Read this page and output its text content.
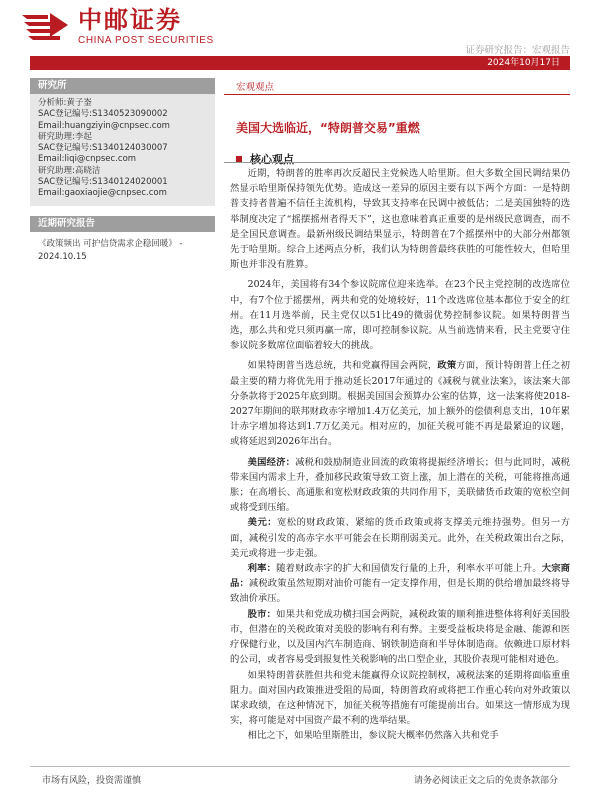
中邮证券
CHINA POST SECURITIES
证券研究报告：宏观报告
2024年10月17日
研究所
分析师:黄子崟
SAC登记编号:S1340523090002
Email:huangziyin@cnpsec.com
研究助理:李起
SAC登记编号:S1340124030007
Email:liqi@cnpsec.com
研究助理:高晓洁
SAC登记编号:S1340124020001
Email:gaoxiaojie@cnpsec.com
近期研究报告
《政策频出 可护信贷需求企稳回暖》 - 2024.10.15
宏观观点
美国大选临近，“特朗普交易”重燃
核心观点

近期，特朗普的胜率再次反超民主党候选人哈里斯。但大多数全国民调结果仍然显示哈里斯保持领先优势。造成这一差异的原因主要有以下两个方面：一是特朗普支持者普遍不信任主流机构，导致其支持率在民调中被低估；二是美国独特的选举制度决定了“摇摆摇州者得天下”，这也意味着真正重要的是州级民意调查，而不是全国民意调查。最新州级民调结果显示，特朗普在7个摇摆州中的大部分州都领先于哈里斯。综合上述两点分析，我们认为特朗普最终获胜的可能性较大，但哈里斯也并非没有胜算。

2024年，美国将有34个参议院席位迎来选举。在23个民主党控制的改选席位中，有7个位于摇摆州，两共和党的处境较好，11个改选席位基本都位于安全的红州。在11月选举前，民主党仅以51比49的微弱优势控制参议院。如果特朗普当选，那么共和党只须再赢一席，即可控制参议院。从当前选情来看，民主党要守住参议院多数席位面临着较大的挑战。

如果特朗普当选总统，共和党赢得国会两院，政策方面，预计特朗普上任之初最主要的精力将优先用于推动延长2017年通过的《减税与就业法案》，该法案大部分条款将于2025年底到期。根据美国国会预算办公室的估算，这一法案将使2018-2027年期间的联邦财政赤字增加1.4万亿美元，加上额外的偿债利息支出，10年累计赤字增加将达到1.7万亿美元。相对应的，加征关税可能不再是最紧迫的议题，或将延迟到2026年出台。

美国经济：减税和鼓励制造业回流的政策将提振经济增长；但与此同时，减税带来国内需求上升，叠加移民政策导致工资上涨，加上潜在的关税，可能将推高通胀；在高增长、高通胀和宽松财政政策的共同作用下，美联储货币政策的宽松空间或将受到压缩。

美元：宽松的财政政策、紧缩的货币政策或将支撑美元维持强势。但另一方面，减税引发的高赤字水平可能会在长期削弱美元。此外，在关税政策出台之际，美元或将进一步走强。

利率：随着财政赤字的扩大和国债发行量的上升，利率水平可能上升。大宗商品：减税政策虽然短期对油价可能有一定支撑作用，但是长期的供给增加最终将导致油价承压。

股市：如果共和党成功横扫国会两院，减税政策的顺利推进整体将利好美国股市，但潜在的关税政策对美股的影响有利有弊。主要受益板块将是金融、能源和医疗保健行业，以及国内汽车制造商、钢铁制造商和半导体制造商。依赖进口原材料的公司，或者容易受到报复性关税影响的出口型企业，其股价表现可能相对逊色。

如果特朗普获胜但共和党未能赢得众议院控制权，减税法案的延期将面临重重阻力。面对国内政策推进受阻的局面，特朗普政府或将把工作重心转向对外政策以谋求政绩，在这种情况下，加征关税等措施有可能提前出台。如果这一情形成为现实，将可能是对中国资产最不利的选举结果。

相比之下，如果哈里斯胜出，参议院大概率仍然落入共和党手

市场有风险，投资需谨慎	请务必阅读正文之后的免责条款部分
